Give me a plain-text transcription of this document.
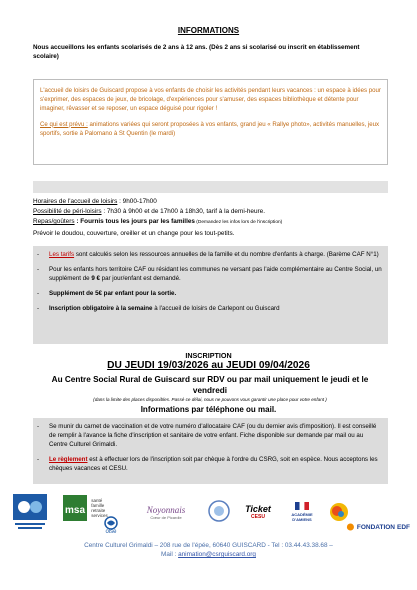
INFORMATIONS
Nous accueillons les enfants scolarisés de 2 ans à 12 ans. (Dès 2 ans si scolarisé ou inscrit en établissement scolaire)

L'accueil de loisirs de Guiscard propose à vos enfants de choisir les activités pendant leurs vacances : un espace à idées pour s'exprimer, des espaces de jeux, de bricolage, d'expériences pour s'amuser, des espaces bibliothèque et détente pour imaginer, rêvasser et se reposer, un espace déguisé pour rigoler !

Ce qui est prévu : animations variées qui seront proposées à vos enfants, grand jeu « Rallye photo», activités manuelles, jeux sportifs, sortie à Palomano à St Quentin (le mardi)

Horaires de l'accueil de loisirs : 9h00-17h00
Possibilité de péri-loisirs : 7h30 à 9h00 et de 17h00 à 18h30, tarif à la demi-heure.
Repas/goûters : Fournis tous les jours par les familles (Demandez les infos lors de l'inscription)
Prévoir le doudou, couverture, oreiller et un change pour les tout-petits.
-	Les tarifs sont calculés selon les ressources annuelles de la famille et du nombre d'enfants à charge. (Barème CAF N°1)
-	Pour les enfants hors territoire CAF ou résidant les communes ne versant pas l'aide complémentaire au Centre Social, un supplément de 9 € par jour/enfant est demandé.
-	Supplément de 5€ par enfant pour la sortie.
-	Inscription obligatoire à la semaine à l'accueil de loisirs de Carlepont ou Guiscard
INSCRIPTION
DU JEUDI 19/03/2026 au JEUDI 09/04/2026
Au Centre Social Rural de Guiscard sur RDV ou par mail uniquement le jeudi et le vendredi
(dans la limite des places disponibles. Passé ce délai, nous ne pouvons vous garantir une place pour votre enfant )
Informations par téléphone ou mail.
-	Se munir du carnet de vaccination et de votre numéro d'allocataire CAF (ou du dernier avis d'imposition). Il est conseillé de remplir à l'avance la fiche d'inscription et sanitaire de votre enfant. Fiche disponible sur demande par mail ou au Centre Culturel Grimaldi.
-	Le règlement est à effectuer lors de l'inscription soit par chèque à l'ordre du CSRG, soit en espèce. Nous acceptons les chèques vacances et CESU.
msa
santé
famille
retraite
services
oise
Noyonnais
Cœur de Picardie
Ticket
CESU	ACADÉMIE D'AMIENS
FONDATION EDF
Centre Culturel Grimaldi – 208 rue de l'épée, 60640 GUISCARD - Tel : 03.44.43.38.68 –
Mail : animation@csrguiscard.org
